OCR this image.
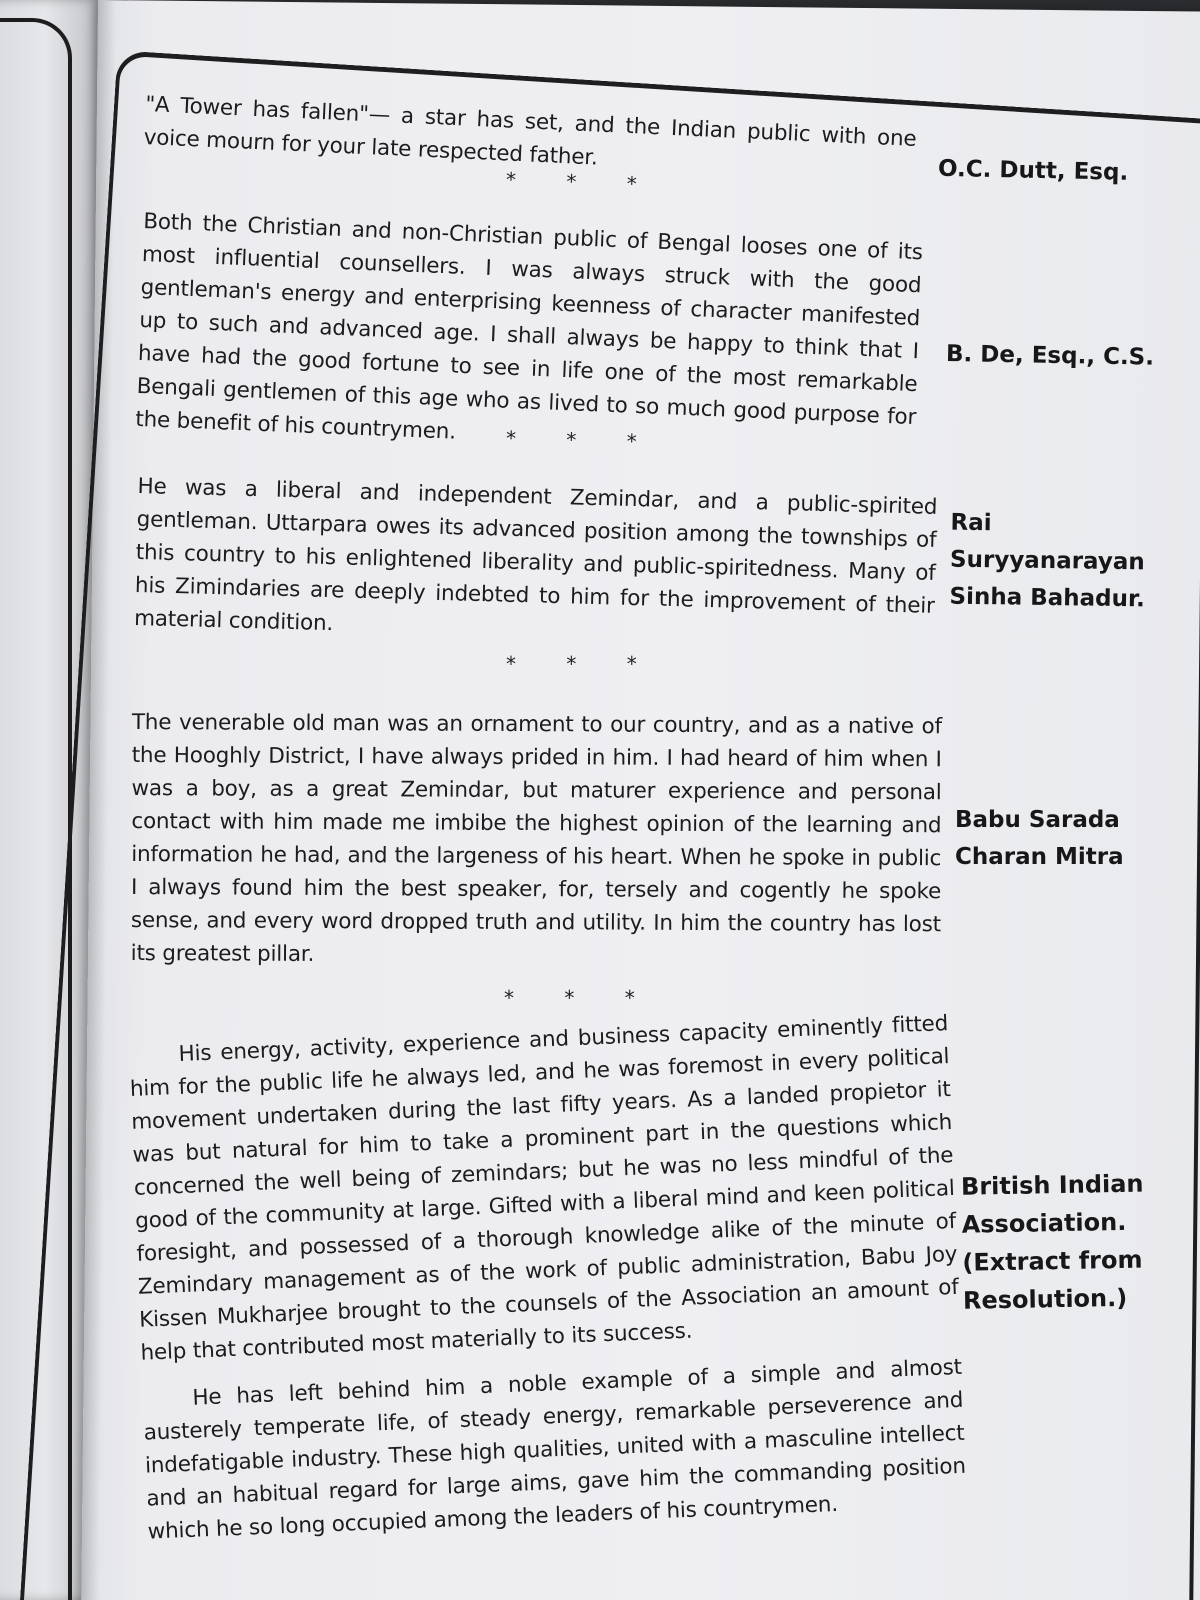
"A Tower has fallen"— a star has set, and the Indian public with one voice mourn for your late respected father.

O.C. Dutt, Esq.
* * *

Both the Christian and non-Christian public of Bengal looses one of its most influential counsellers. I was always struck with the good gentleman's energy and enterprising keenness of character manifested up to such and advanced age. I shall always be happy to think that I have had the good fortune to see in life one of the most remarkable Bengali gentlemen of this age who as lived to so much good purpose for the benefit of his countrymen.

B. De, Esq., C.S.
* * *

He was a liberal and independent Zemindar, and a public-spirited gentleman. Uttarpara owes its advanced position among the townships of this country to his enlightened liberality and public-spiritedness. Many of his Zimindaries are deeply indebted to him for the improvement of their material condition.

Rai Suryyanarayan Sinha Bahadur.
* * *

The venerable old man was an ornament to our country, and as a native of the Hooghly District, I have always prided in him. I had heard of him when I was a boy, as a great Zemindar, but maturer experience and personal contact with him made me imbibe the highest opinion of the learning and information he had, and the largeness of his heart. When he spoke in public I always found him the best speaker, for, tersely and cogently he spoke sense, and every word dropped truth and utility. In him the country has lost its greatest pillar.

Babu Sarada Charan Mitra
* * *

His energy, activity, experience and business capacity eminently fitted him for the public life he always led, and he was foremost in every political movement undertaken during the last fifty years. As a landed propietor it was but natural for him to take a prominent part in the questions which concerned the well being of zemindars; but he was no less mindful of the good of the community at large. Gifted with a liberal mind and keen political foresight, and possessed of a thorough knowledge alike of the minute of Zemindary management as of the work of public administration, Babu Joy Kissen Mukharjee brought to the counsels of the Association an amount of help that contributed most materially to its success.

He has left behind him a noble example of a simple and almost austerely temperate life, of steady energy, remarkable perseverence and indefatigable industry. These high qualities, united with a masculine intellect and an habitual regard for large aims, gave him the commanding position which he so long occupied among the leaders of his countrymen.

British Indian Association. (Extract from Resolution.)
